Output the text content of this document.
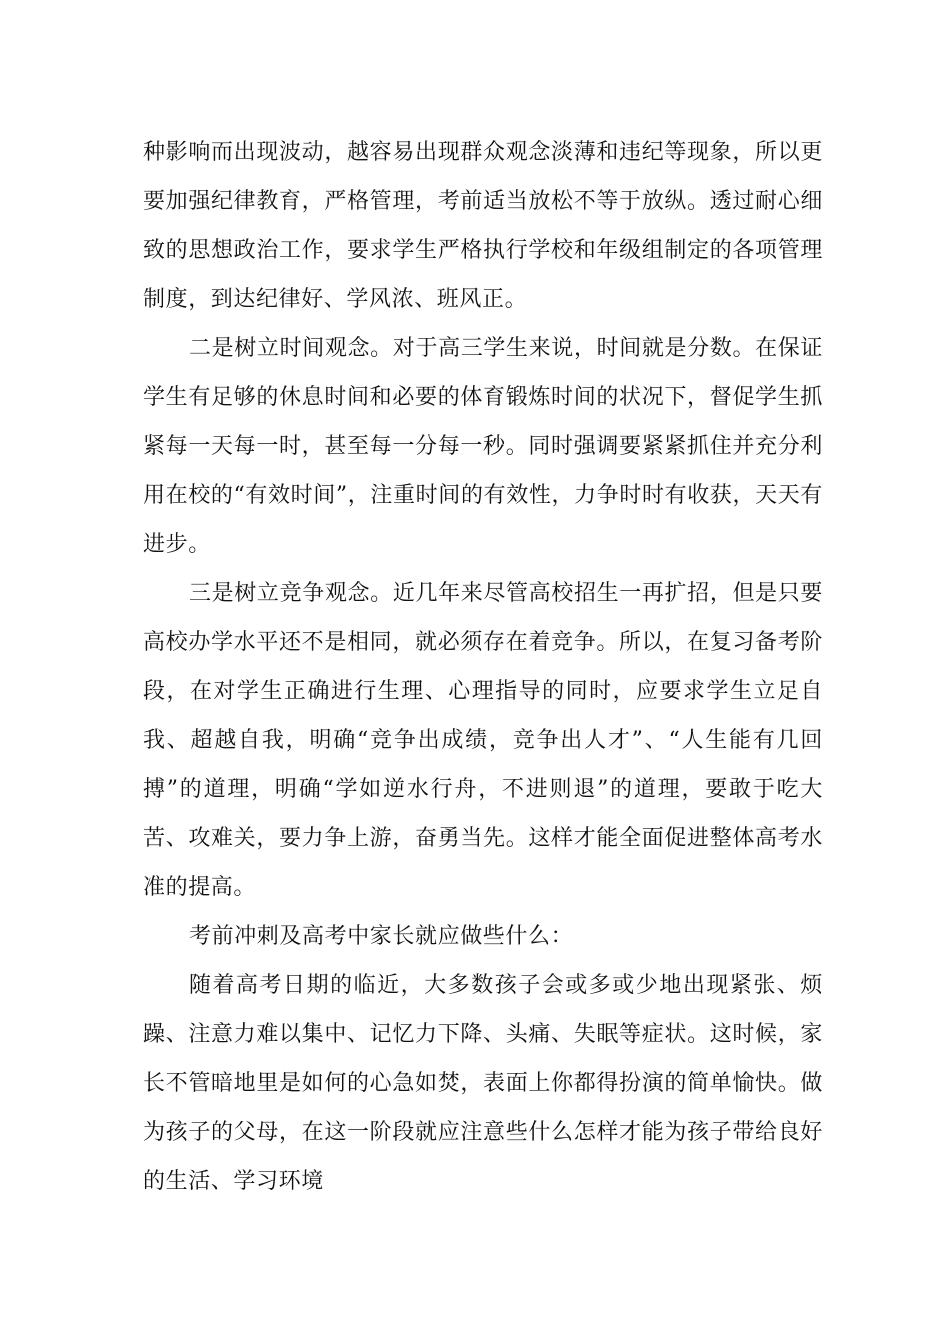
种影响而出现波动，越容易出现群众观念淡薄和违纪等现象，所以更要加强纪律教育，严格管理，考前适当放松不等于放纵。透过耐心细致的思想政治工作，要求学生严格执行学校和年级组制定的各项管理制度，到达纪律好、学风浓、班风正。

二是树立时间观念。对于高三学生来说，时间就是分数。在保证学生有足够的休息时间和必要的体育锻炼时间的状况下，督促学生抓紧每一天每一时，甚至每一分每一秒。同时强调要紧紧抓住并充分利用在校的“有效时间”，注重时间的有效性，力争时时有收获，天天有进步。

三是树立竞争观念。近几年来尽管高校招生一再扩招，但是只要高校办学水平还不是相同，就必须存在着竞争。所以，在复习备考阶段，在对学生正确进行生理、心理指导的同时，应要求学生立足自我、超越自我，明确“竞争出成绩，竞争出人才”、“人生能有几回搏”的道理，明确“学如逆水行舟，不进则退”的道理，要敢于吃大苦、攻难关，要力争上游，奋勇当先。这样才能全面促进整体高考水准的提高。

考前冲刺及高考中家长就应做些什么：

随着高考日期的临近，大多数孩子会或多或少地出现紧张、烦躁、注意力难以集中、记忆力下降、头痛、失眠等症状。这时候，家长不管暗地里是如何的心急如焚，表面上你都得扮演的简单愉快。做为孩子的父母，在这一阶段就应注意些什么怎样才能为孩子带给良好的生活、学习环境
